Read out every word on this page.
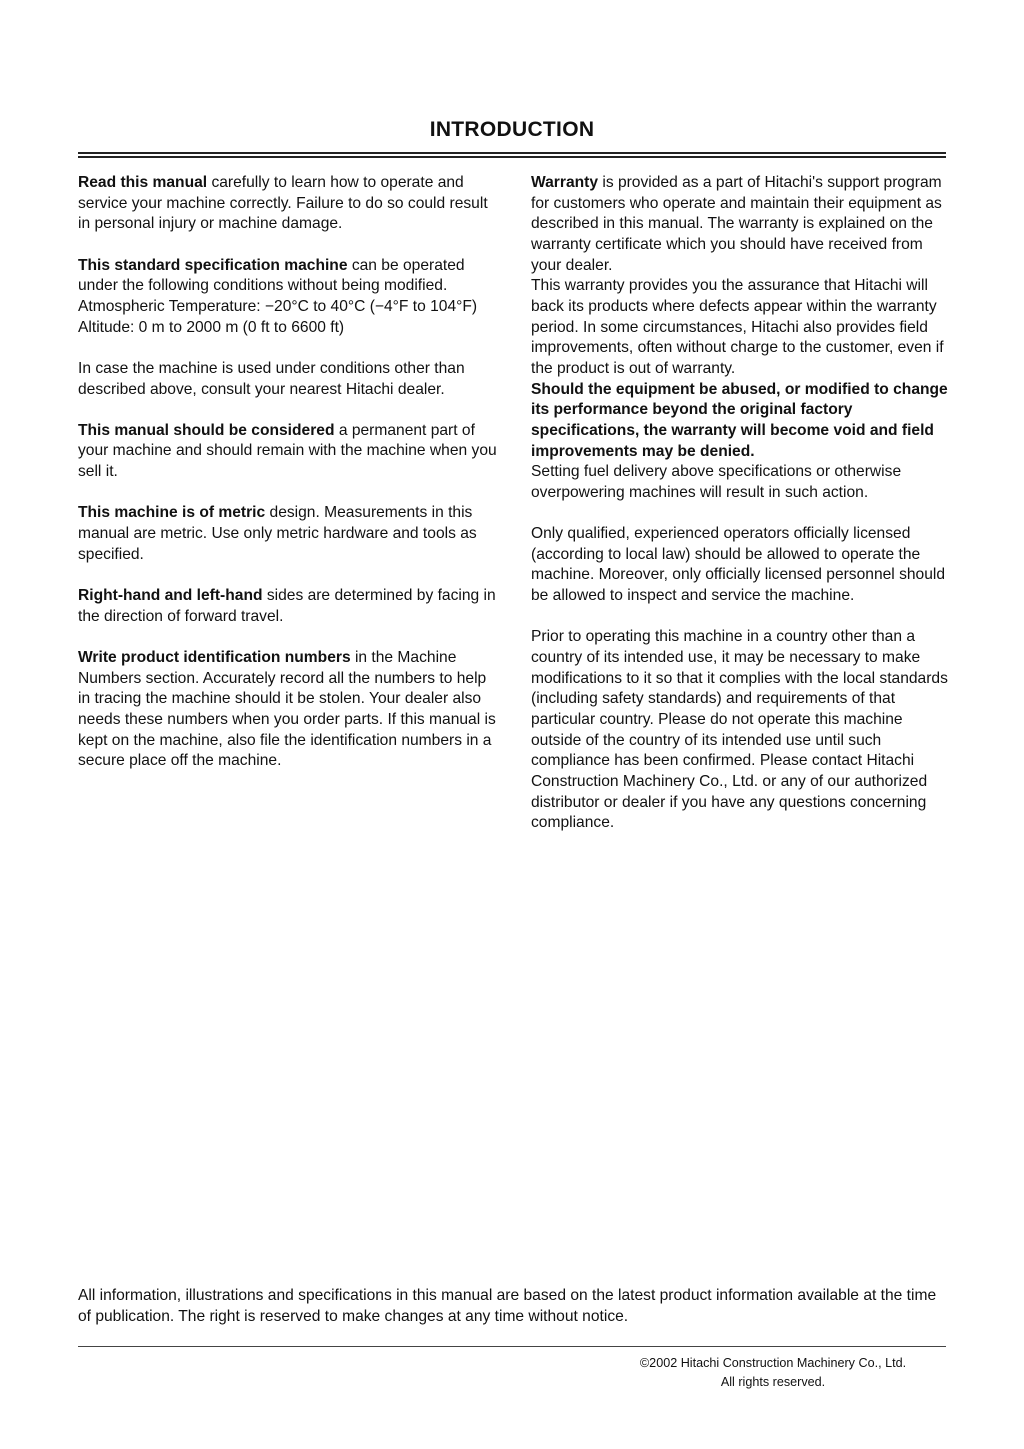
INTRODUCTION

Read this manual carefully to learn how to operate and service your machine correctly. Failure to do so could result in personal injury or machine damage.

This standard specification machine can be operated under the following conditions without being modified.
Atmospheric Temperature: −20°C to 40°C (−4°F to 104°F)
Altitude: 0 m to 2000 m (0 ft to 6600 ft)

In case the machine is used under conditions other than described above, consult your nearest Hitachi dealer.

This manual should be considered a permanent part of your machine and should remain with the machine when you sell it.

This machine is of metric design. Measurements in this manual are metric. Use only metric hardware and tools as specified.

Right-hand and left-hand sides are determined by facing in the direction of forward travel.

Write product identification numbers in the Machine Numbers section. Accurately record all the numbers to help in tracing the machine should it be stolen. Your dealer also needs these numbers when you order parts. If this manual is kept on the machine, also file the identification numbers in a secure place off the machine.

Warranty is provided as a part of Hitachi's support program for customers who operate and maintain their equipment as described in this manual. The warranty is explained on the warranty certificate which you should have received from your dealer.
This warranty provides you the assurance that Hitachi will back its products where defects appear within the warranty period. In some circumstances, Hitachi also provides field improvements, often without charge to the customer, even if the product is out of warranty.
Should the equipment be abused, or modified to change its performance beyond the original factory specifications, the warranty will become void and field improvements may be denied.
Setting fuel delivery above specifications or otherwise overpowering machines will result in such action.

Only qualified, experienced operators officially licensed (according to local law) should be allowed to operate the machine. Moreover, only officially licensed personnel should be allowed to inspect and service the machine.

Prior to operating this machine in a country other than a country of its intended use, it may be necessary to make modifications to it so that it complies with the local standards (including safety standards) and requirements of that particular country. Please do not operate this machine outside of the country of its intended use until such compliance has been confirmed. Please contact Hitachi Construction Machinery Co., Ltd. or any of our authorized distributor or dealer if you have any questions concerning compliance.

All information, illustrations and specifications in this manual are based on the latest product information available at the time of publication. The right is reserved to make changes at any time without notice.
©2002 Hitachi Construction Machinery Co., Ltd.
All rights reserved.
